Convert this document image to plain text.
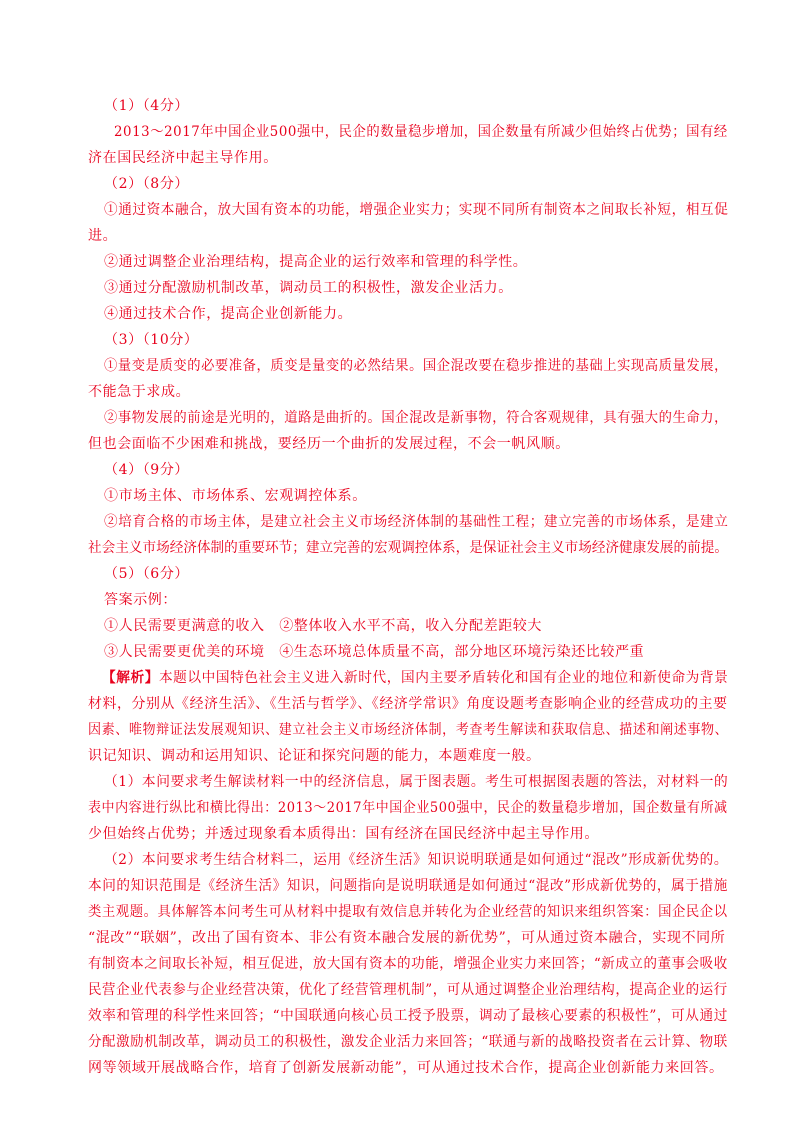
（1）（4分）
2013～2017年中国企业500强中，民企的数量稳步增加，国企数量有所减少但始终占优势；国有经
济在国民经济中起主导作用。
（2）（8分）
①通过资本融合，放大国有资本的功能，增强企业实力；实现不同所有制资本之间取长补短，相互促
进。
②通过调整企业治理结构，提高企业的运行效率和管理的科学性。
③通过分配激励机制改革，调动员工的积极性，激发企业活力。
④通过技术合作，提高企业创新能力。
（3）（10分）
①量变是质变的必要准备，质变是量变的必然结果。国企混改要在稳步推进的基础上实现高质量发展，
不能急于求成。
②事物发展的前途是光明的，道路是曲折的。国企混改是新事物，符合客观规律，具有强大的生命力，
但也会面临不少困难和挑战，要经历一个曲折的发展过程，不会一帆风顺。
（4）（9分）
①市场主体、市场体系、宏观调控体系。
②培育合格的市场主体，是建立社会主义市场经济体制的基础性工程；建立完善的市场体系，是建立
社会主义市场经济体制的重要环节；建立完善的宏观调控体系，是保证社会主义市场经济健康发展的前提。
（5）（6分）
答案示例：
①人民需要更满意的收入　②整体收入水平不高，收入分配差距较大
③人民需要更优美的环境　④生态环境总体质量不高，部分地区环境污染还比较严重
【解析】本题以中国特色社会主义进入新时代，国内主要矛盾转化和国有企业的地位和新使命为背景
材料，分别从《经济生活》、《生活与哲学》、《经济学常识》角度设题考查影响企业的经营成功的主要
因素、唯物辩证法发展观知识、建立社会主义市场经济体制，考查考生解读和获取信息、描述和阐述事物、
识记知识、调动和运用知识、论证和探究问题的能力，本题难度一般。
（1）本问要求考生解读材料一中的经济信息，属于图表题。考生可根据图表题的答法，对材料一的
表中内容进行纵比和横比得出：2013～2017年中国企业500强中，民企的数量稳步增加，国企数量有所减
少但始终占优势；并透过现象看本质得出：国有经济在国民经济中起主导作用。
（2）本问要求考生结合材料二，运用《经济生活》知识说明联通是如何通过“混改”形成新优势的。
本问的知识范围是《经济生活》知识，问题指向是说明联通是如何通过“混改”形成新优势的，属于措施
类主观题。具体解答本问考生可从材料中提取有效信息并转化为企业经营的知识来组织答案：国企民企以
“混改”“联姻”，改出了国有资本、非公有资本融合发展的新优势”，可从通过资本融合，实现不同所
有制资本之间取长补短，相互促进，放大国有资本的功能，增强企业实力来回答；“新成立的董事会吸收
民营企业代表参与企业经营决策，优化了经营管理机制”，可从通过调整企业治理结构，提高企业的运行
效率和管理的科学性来回答；“中国联通向核心员工授予股票，调动了最核心要素的积极性”，可从通过
分配激励机制改革，调动员工的积极性，激发企业活力来回答；“联通与新的战略投资者在云计算、物联
网等领域开展战略合作，培育了创新发展新动能”，可从通过技术合作，提高企业创新能力来回答。
